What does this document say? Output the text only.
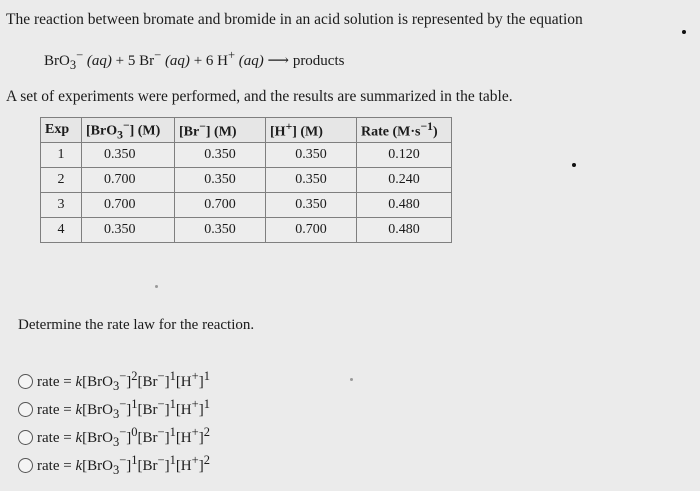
The reaction between bromate and bromide in an acid solution is represented by the equation
BrO$_3$− (aq) + 5 Br− (aq) + 6 H+ (aq) ⟶ products
A set of experiments were performed, and the results are summarized in the table.
Exp	[BrO$_3$−] (M)	[Br−] (M)	[H+] (M)	Rate $(M\cdot s^{-1})$
1	0.350	0.350	0.350	0.120
2	0.700	0.350	0.350	0.240
3	0.700	0.700	0.350	0.480
4	0.350	0.350	0.700	0.480
Determine the rate law for the reaction.
rate = $k[BrO_3^-]^2[Br^-]^1[H^+]^1$
rate = $k[BrO_3^-]^1[Br^-]^1[H^+]^1$
rate = $k[BrO_3^-]^0[Br^-]^1[H^+]^2$
rate = $k[BrO_3^-]^1[Br^-]^1[H^+]^2$
